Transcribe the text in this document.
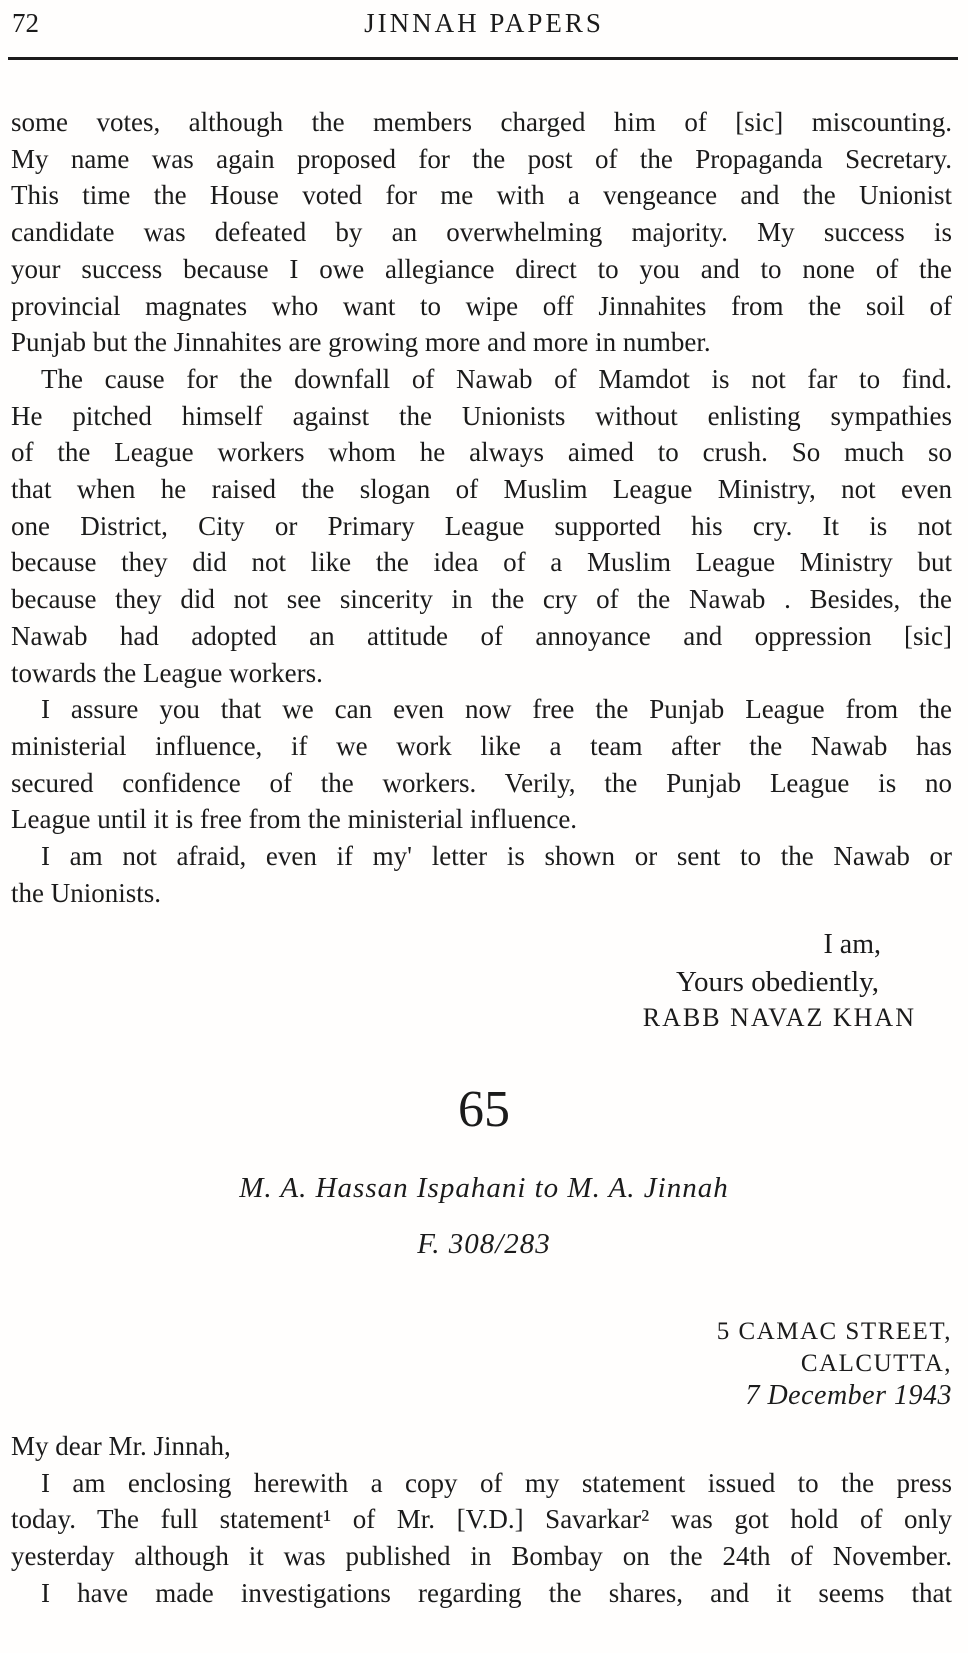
72	JINNAH PAPERS
some votes, although the members charged him of [sic] miscounting.
My name was again proposed for the post of the Propaganda Secretary.
This time the House voted for me with a vengeance and the Unionist
candidate was defeated by an overwhelming majority. My success is
your success because I owe allegiance direct to you and to none of the
provincial magnates who want to wipe off Jinnahites from the soil of
Punjab but the Jinnahites are growing more and more in number.
The cause for the downfall of Nawab of Mamdot is not far to find.
He pitched himself against the Unionists without enlisting sympathies
of the League workers whom he always aimed to crush. So much so
that when he raised the slogan of Muslim League Ministry, not even
one District, City or Primary League supported his cry. It is not
because they did not like the idea of a Muslim League Ministry but
because they did not see sincerity in the cry of the Nawab . Besides, the
Nawab had adopted an attitude of annoyance and oppression [sic]
towards the League workers.
I assure you that we can even now free the Punjab League from the
ministerial influence, if we work like a team after the Nawab has
secured confidence of the workers. Verily, the Punjab League is no
League until it is free from the ministerial influence.
I am not afraid, even if my' letter is shown or sent to the Nawab or
the Unionists.
I am,
Yours obediently,
RABB NAVAZ KHAN
65
M. A. Hassan Ispahani to M. A. Jinnah
F. 308/283
5 CAMAC STREET,
CALCUTTA,
7 December 1943
My dear Mr. Jinnah,
I am enclosing herewith a copy of my statement issued to the press
today. The full statement¹ of Mr. [V.D.] Savarkar² was got hold of only
yesterday although it was published in Bombay on the 24th of November.
I have made investigations regarding the shares, and it seems that
